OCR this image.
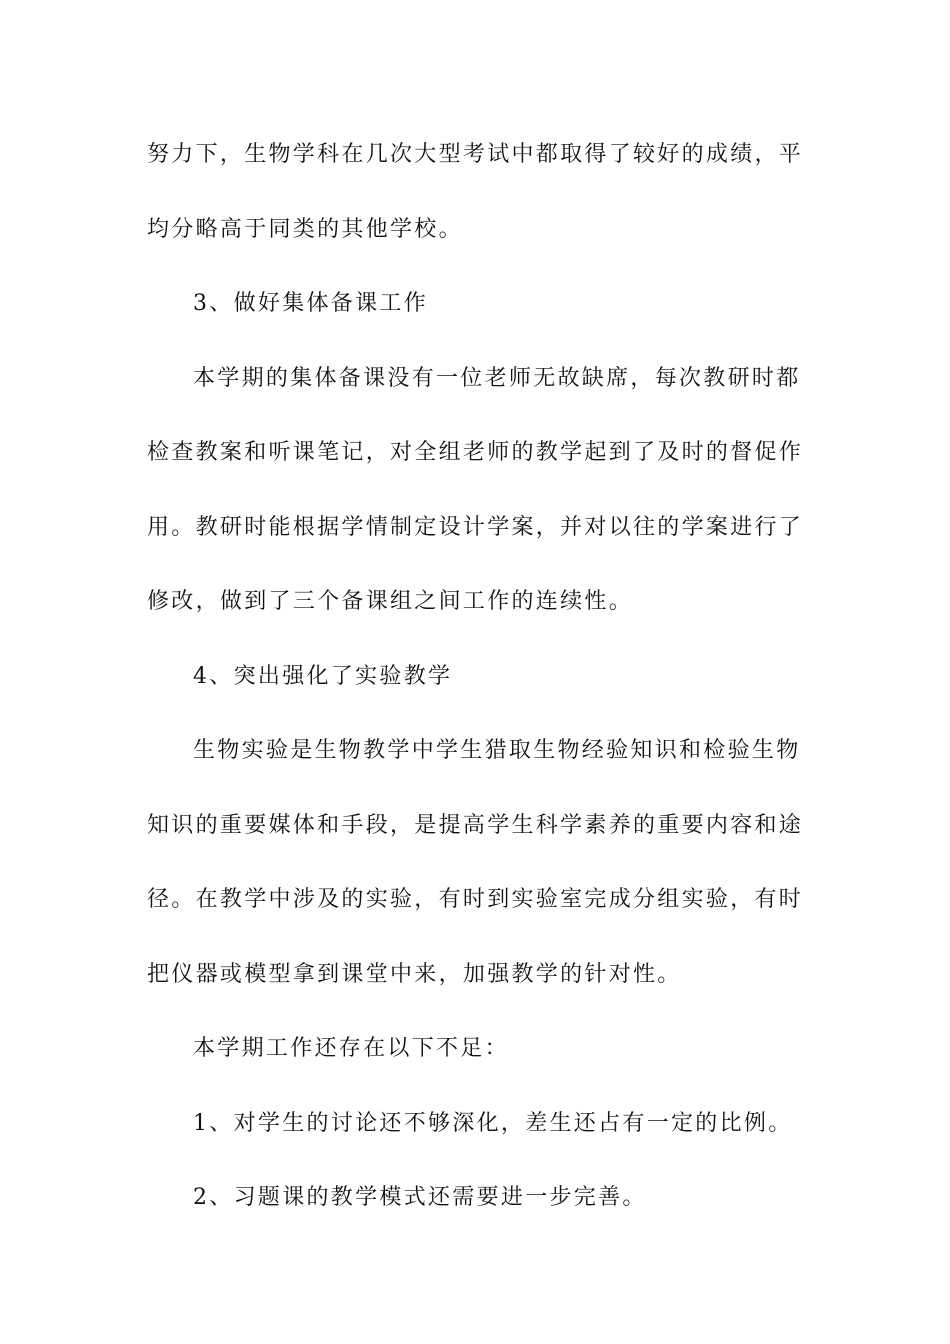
努力下，生物学科在几次大型考试中都取得了较好的成绩，平
均分略高于同类的其他学校。
3、做好集体备课工作
本学期的集体备课没有一位老师无故缺席，每次教研时都
检查教案和听课笔记，对全组老师的教学起到了及时的督促作
用。教研时能根据学情制定设计学案，并对以往的学案进行了
修改，做到了三个备课组之间工作的连续性。
4、突出强化了实验教学
生物实验是生物教学中学生猎取生物经验知识和检验生物
知识的重要媒体和手段，是提高学生科学素养的重要内容和途
径。在教学中涉及的实验，有时到实验室完成分组实验，有时
把仪器或模型拿到课堂中来，加强教学的针对性。
本学期工作还存在以下不足：
1、对学生的讨论还不够深化，差生还占有一定的比例。
2、习题课的教学模式还需要进一步完善。
